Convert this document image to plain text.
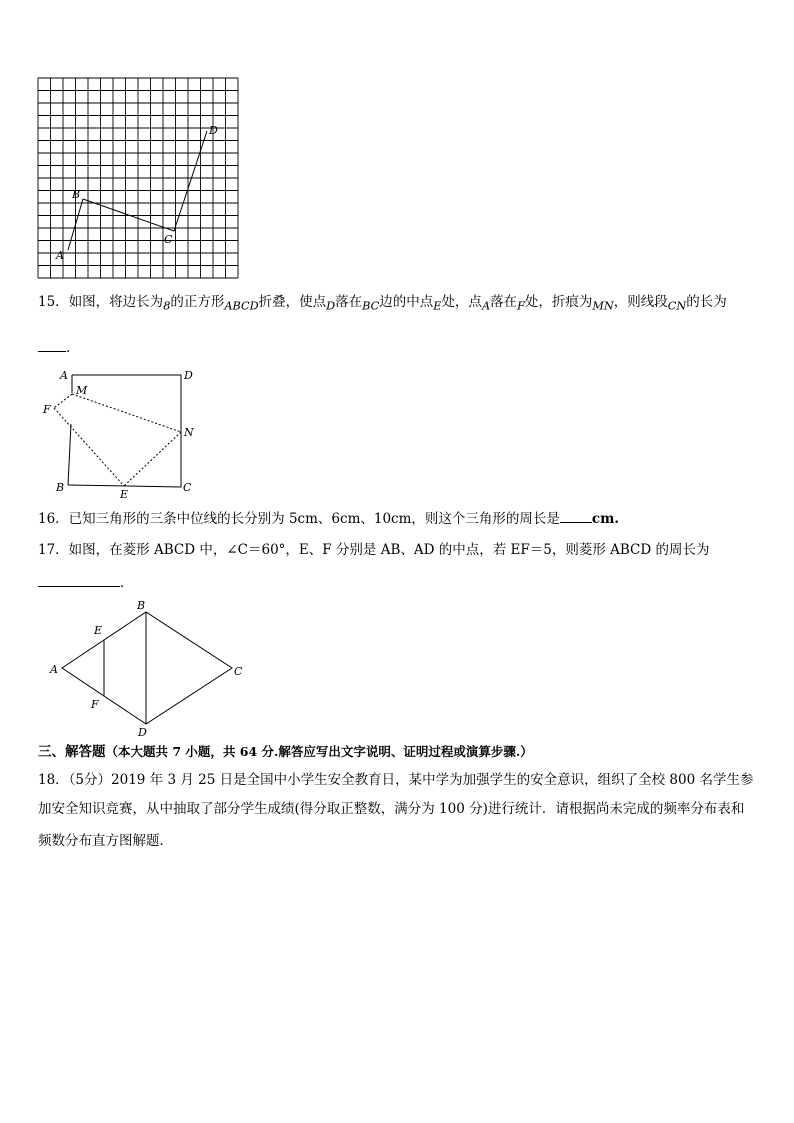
A
B
C
D
15．如图，将边长为$_8$的正方形$_{ABCD}$折叠，使点$_D$落在$_{BC}$边的中点$_E$处，点$_A$落在$_F$处，折痕为$_{MN}$，则线段$_{CN}$的长为
．
A
M
D
F
N
B
E
C
16．已知三角形的三条中位线的长分别为 5cm、6cm、10cm，则这个三角形的周长是 cm.
17．如图，在菱形 ABCD 中，∠C＝60°，E、F 分别是 AB、AD 的中点，若 EF＝5，则菱形 ABCD 的周长为
．
A
B
C
D
E
F
三、解答题（本大题共 7 小题，共 64 分.解答应写出文字说明、证明过程或演算步骤.）
18．（5分）2019 年 3 月 25 日是全国中小学生安全教育日，某中学为加强学生的安全意识，组织了全校 800 名学生参
加安全知识竞赛，从中抽取了部分学生成绩(得分取正整数，满分为 100 分)进行统计．请根据尚未完成的频率分布表和
频数分布直方图解题．
